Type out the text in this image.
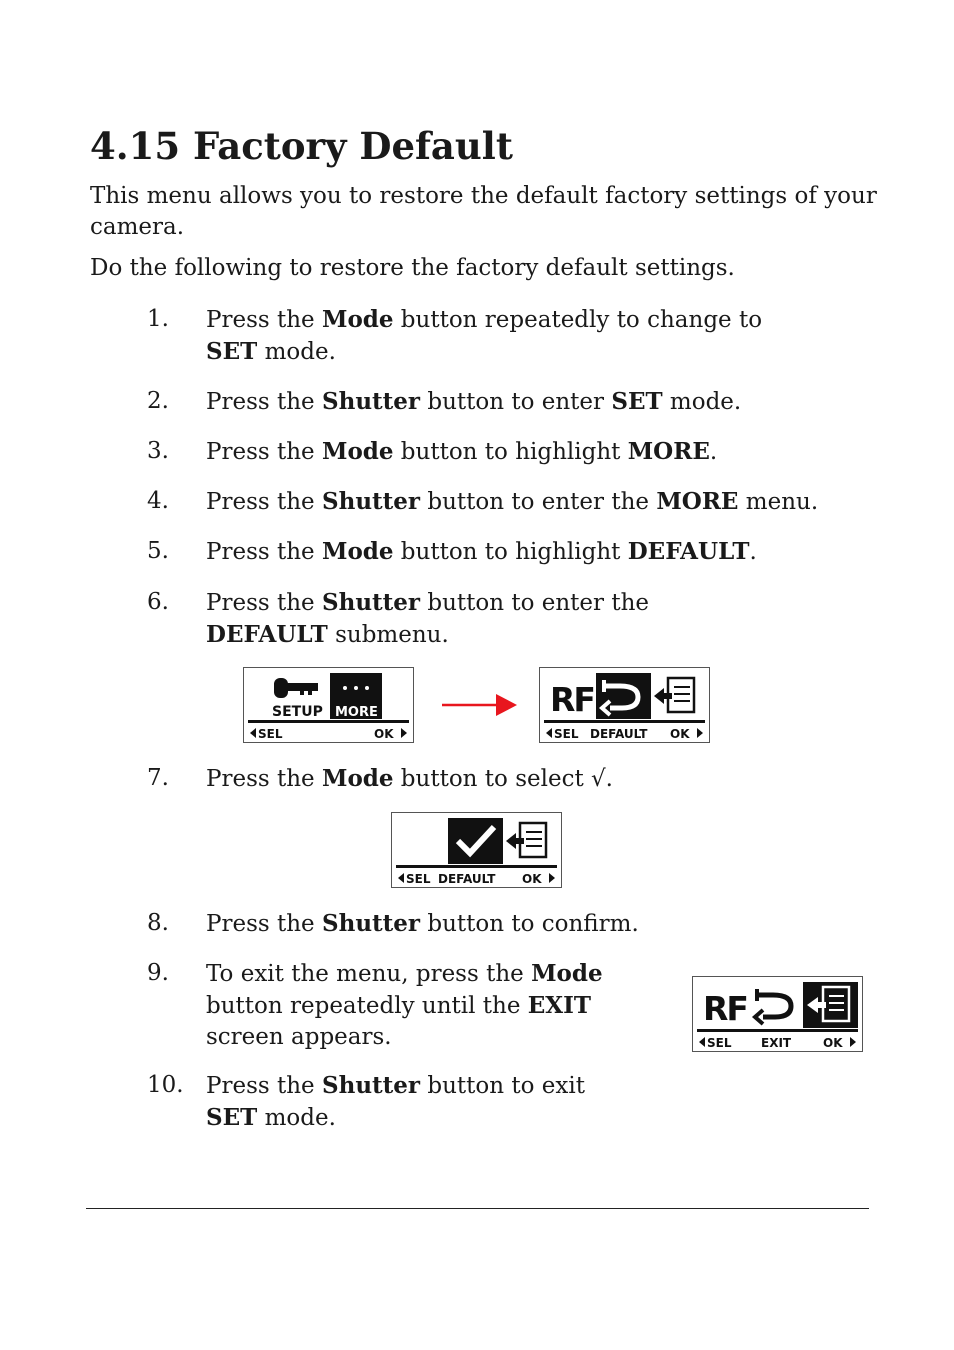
4.15 Factory Default

This menu allows you to restore the default factory settings of your camera.

Do the following to restore the factory default settings.

1. Press the Mode button repeatedly to change to SET mode.
2. Press the Shutter button to enter SET mode.
3. Press the Mode button to highlight MORE.
4. Press the Shutter button to enter the MORE menu.
5. Press the Mode button to highlight DEFAULT.
6. Press the Shutter button to enter the DEFAULT submenu.
SETUP MORE
SEL	OK
RF
SEL DEFAULT OK
7. Press the Mode button to select √.
SEL DEFAULT OK
8. Press the Shutter button to confirm.
9. To exit the menu, press the Mode button repeatedly until the EXIT screen appears.
RF
SEL EXIT	OK
10. Press the Shutter button to exit SET mode.
